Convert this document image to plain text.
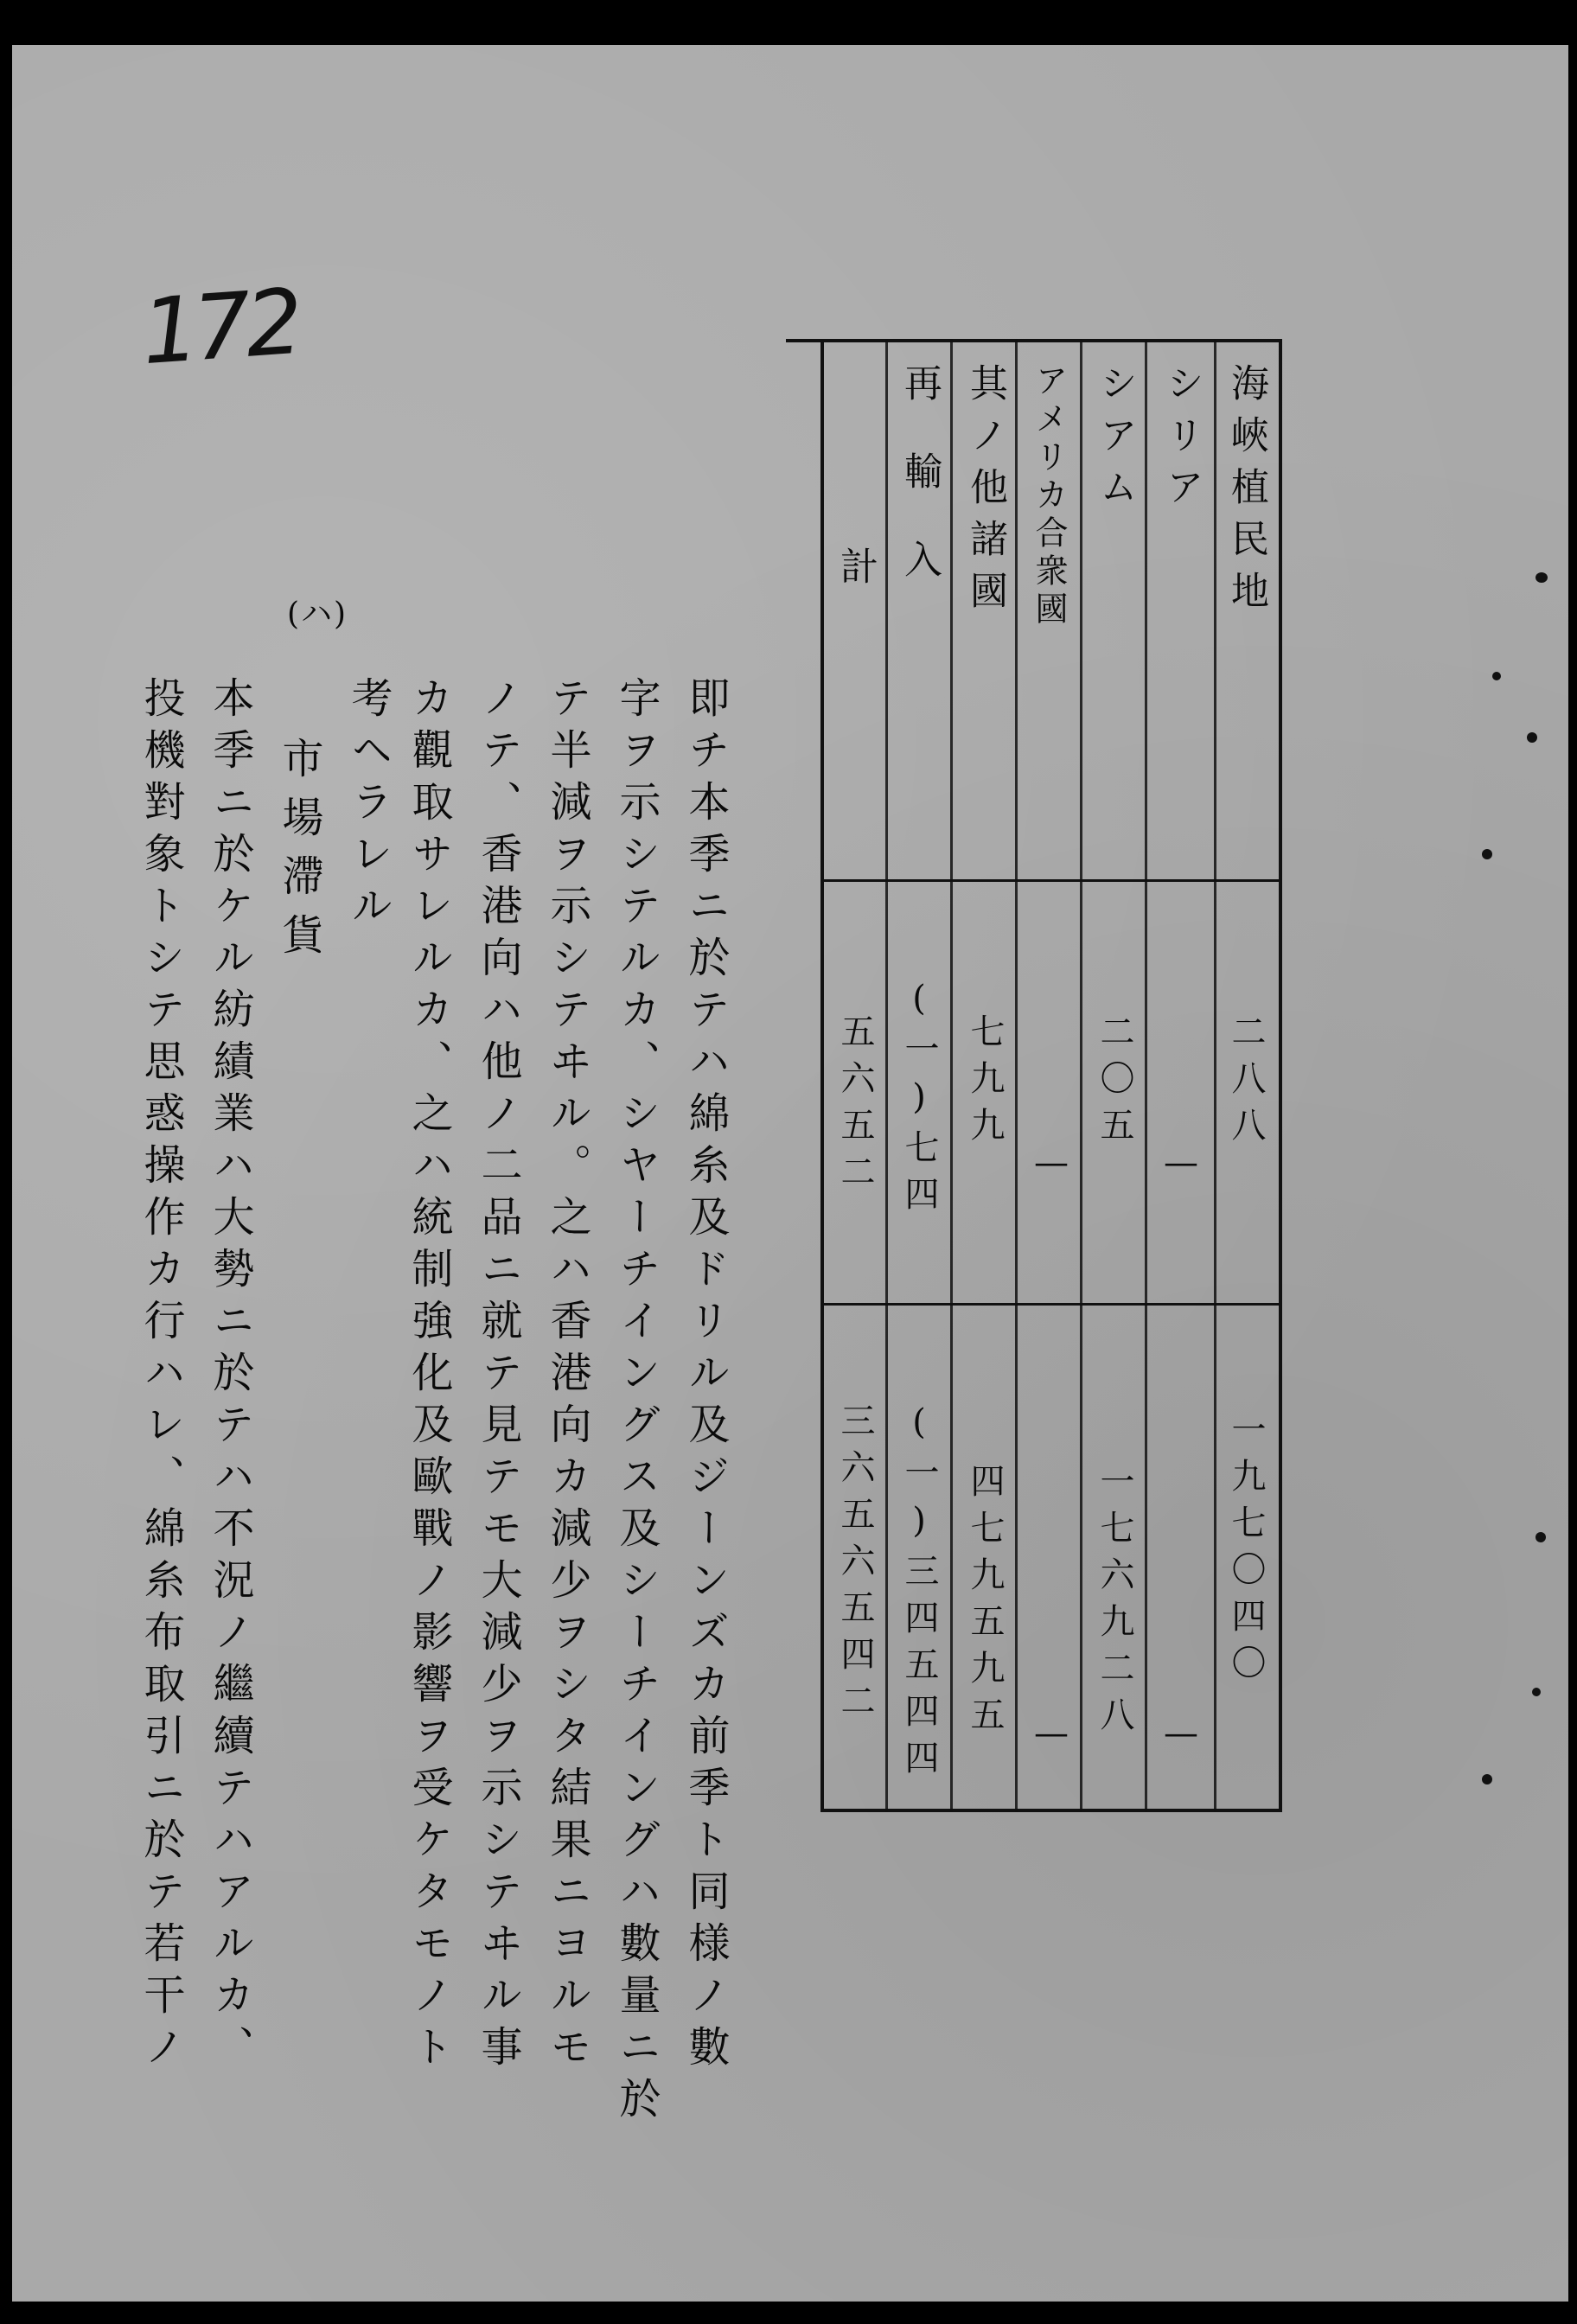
172
海峽植民地
シリア
シアム
アメリカ合衆國
其ノ他諸國
再輸入
計
二八八
—
二〇五
—
七九九
(一)七四
五六五二
一九七〇四〇
—
一七六九二八
—
四七九五九五
(一)三四五四四
三六五六五四二
即チ本季ニ於テハ綿糸及ドリル及ジーンズカ前季ト同様ノ數
字ヲ示シテルカ、シヤーチイングス及シーチイングハ數量ニ於
テ半減ヲ示シテヰル。之ハ香港向カ減少ヲシタ結果ニヨルモ
ノテ、香港向ハ他ノ二品ニ就テ見テモ大減少ヲ示シテヰル事
カ觀取サレルカ、之ハ統制強化及歐戰ノ影響ヲ受ケタモノト
考ヘラレル
(ハ)
市場滯貨
本季ニ於ケル紡績業ハ大勢ニ於テハ不況ノ繼續テハアルカ、
投機對象トシテ思惑操作カ行ハレ、綿糸布取引ニ於テ若干ノ
